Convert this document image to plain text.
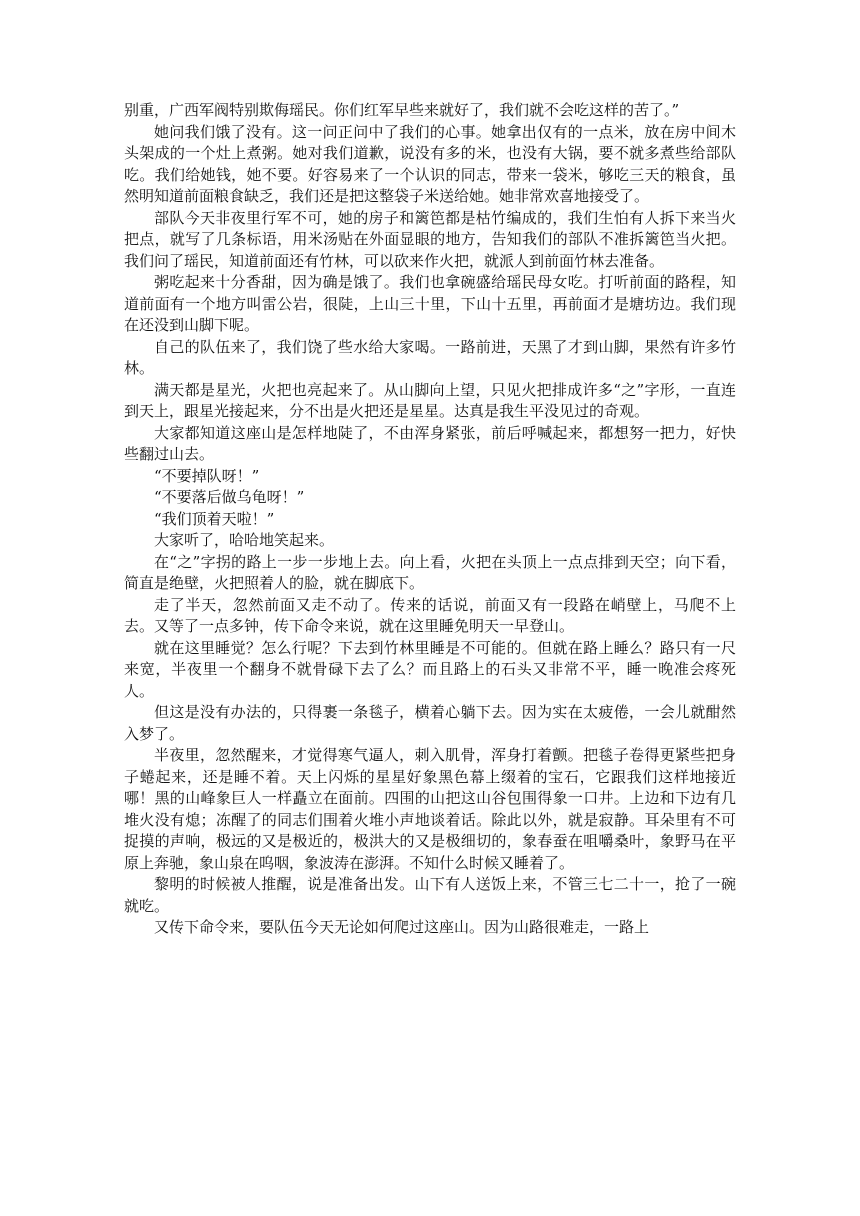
别重，广西军阀特别欺侮瑶民。你们红军早些来就好了，我们就不会吃这样的苦了。”

她问我们饿了没有。这一问正问中了我们的心事。她拿出仅有的一点米，放在房中间木头架成的一个灶上煮粥。她对我们道歉，说没有多的米，也没有大锅，要不就多煮些给部队吃。我们给她钱，她不要。好容易来了一个认识的同志，带来一袋米，够吃三天的粮食，虽然明知道前面粮食缺乏，我们还是把这整袋子米送给她。她非常欢喜地接受了。

部队今天非夜里行军不可，她的房子和篱笆都是枯竹编成的，我们生怕有人拆下来当火把点，就写了几条标语，用米汤贴在外面显眼的地方，告知我们的部队不准拆篱笆当火把。我们问了瑶民，知道前面还有竹林，可以砍来作火把，就派人到前面竹林去准备。

粥吃起来十分香甜，因为确是饿了。我们也拿碗盛给瑶民母女吃。打听前面的路程，知道前面有一个地方叫雷公岩，很陡，上山三十里，下山十五里，再前面才是塘坊边。我们现在还没到山脚下呢。

自己的队伍来了，我们饶了些水给大家喝。一路前进，天黑了才到山脚，果然有许多竹林。

满天都是星光，火把也亮起来了。从山脚向上望，只见火把排成许多“之”字形，一直连到天上，跟星光接起来，分不出是火把还是星星。达真是我生平没见过的奇观。

大家都知道这座山是怎样地陡了，不由浑身紧张，前后呼喊起来，都想努一把力，好快些翻过山去。

“不要掉队呀！”

“不要落后做乌龟呀！”

“我们顶着天啦！”

大家听了，哈哈地笑起来。

在“之”字拐的路上一步一步地上去。向上看，火把在头顶上一点点排到天空；向下看，简直是绝壁，火把照着人的脸，就在脚底下。

走了半天，忽然前面又走不动了。传来的话说，前面又有一段路在峭壁上，马爬不上去。又等了一点多钟，传下命令来说，就在这里睡免明天一早登山。

就在这里睡觉？怎么行呢？下去到竹林里睡是不可能的。但就在路上睡么？路只有一尺来宽，半夜里一个翻身不就骨碌下去了么？而且路上的石头又非常不平，睡一晚准会疼死人。

但这是没有办法的，只得裹一条毯子，横着心躺下去。因为实在太疲倦，一会儿就酣然入梦了。

半夜里，忽然醒来，才觉得寒气逼人，刺入肌骨，浑身打着颤。把毯子卷得更紧些把身子蜷起来，还是睡不着。天上闪烁的星星好象黑色幕上缀着的宝石，它跟我们这样地接近哪！黑的山峰象巨人一样矗立在面前。四围的山把这山谷包围得象一口井。上边和下边有几堆火没有熄；冻醒了的同志们围着火堆小声地谈着话。除此以外，就是寂静。耳朵里有不可捉摸的声响，极远的又是极近的，极洪大的又是极细切的，象春蚕在咀嚼桑叶，象野马在平原上奔驰，象山泉在呜咽，象波涛在澎湃。不知什么时候又睡着了。

黎明的时候被人推醒，说是准备出发。山下有人送饭上来，不管三七二十一，抢了一碗就吃。

又传下命令来，要队伍今天无论如何爬过这座山。因为山路很难走，一路上
